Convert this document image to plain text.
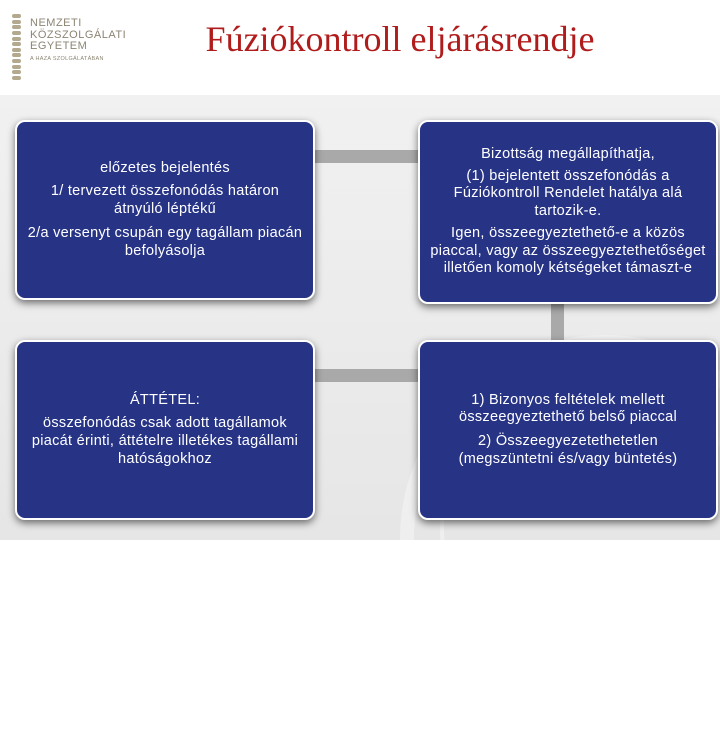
NEMZETI
KÖZSZOLGÁLATI
EGYETEM
A HAZA SZOLGÁLATÁBAN	Fúziókontroll eljárásrendje

előzetes bejelentés

1/ tervezett összefonódás határon átnyúló léptékű

2/a versenyt csupán egy tagállam piacán befolyásolja

Bizottság megállapíthatja,

(1) bejelentett összefonódás a Fúziókontroll Rendelet hatálya alá tartozik-e.

Igen, összeegyeztethető-e a közös piaccal, vagy az összeegyeztethetőséget illetően komoly kétségeket támaszt-e

ÁTTÉTEL:

összefonódás csak adott tagállamok piacát érinti, áttételre illetékes tagállami hatóságokhoz

1) Bizonyos feltételek mellett összeegyeztethető belső piaccal

2) Összeegyezetethetetlen (megszüntetni és/vagy büntetés)
